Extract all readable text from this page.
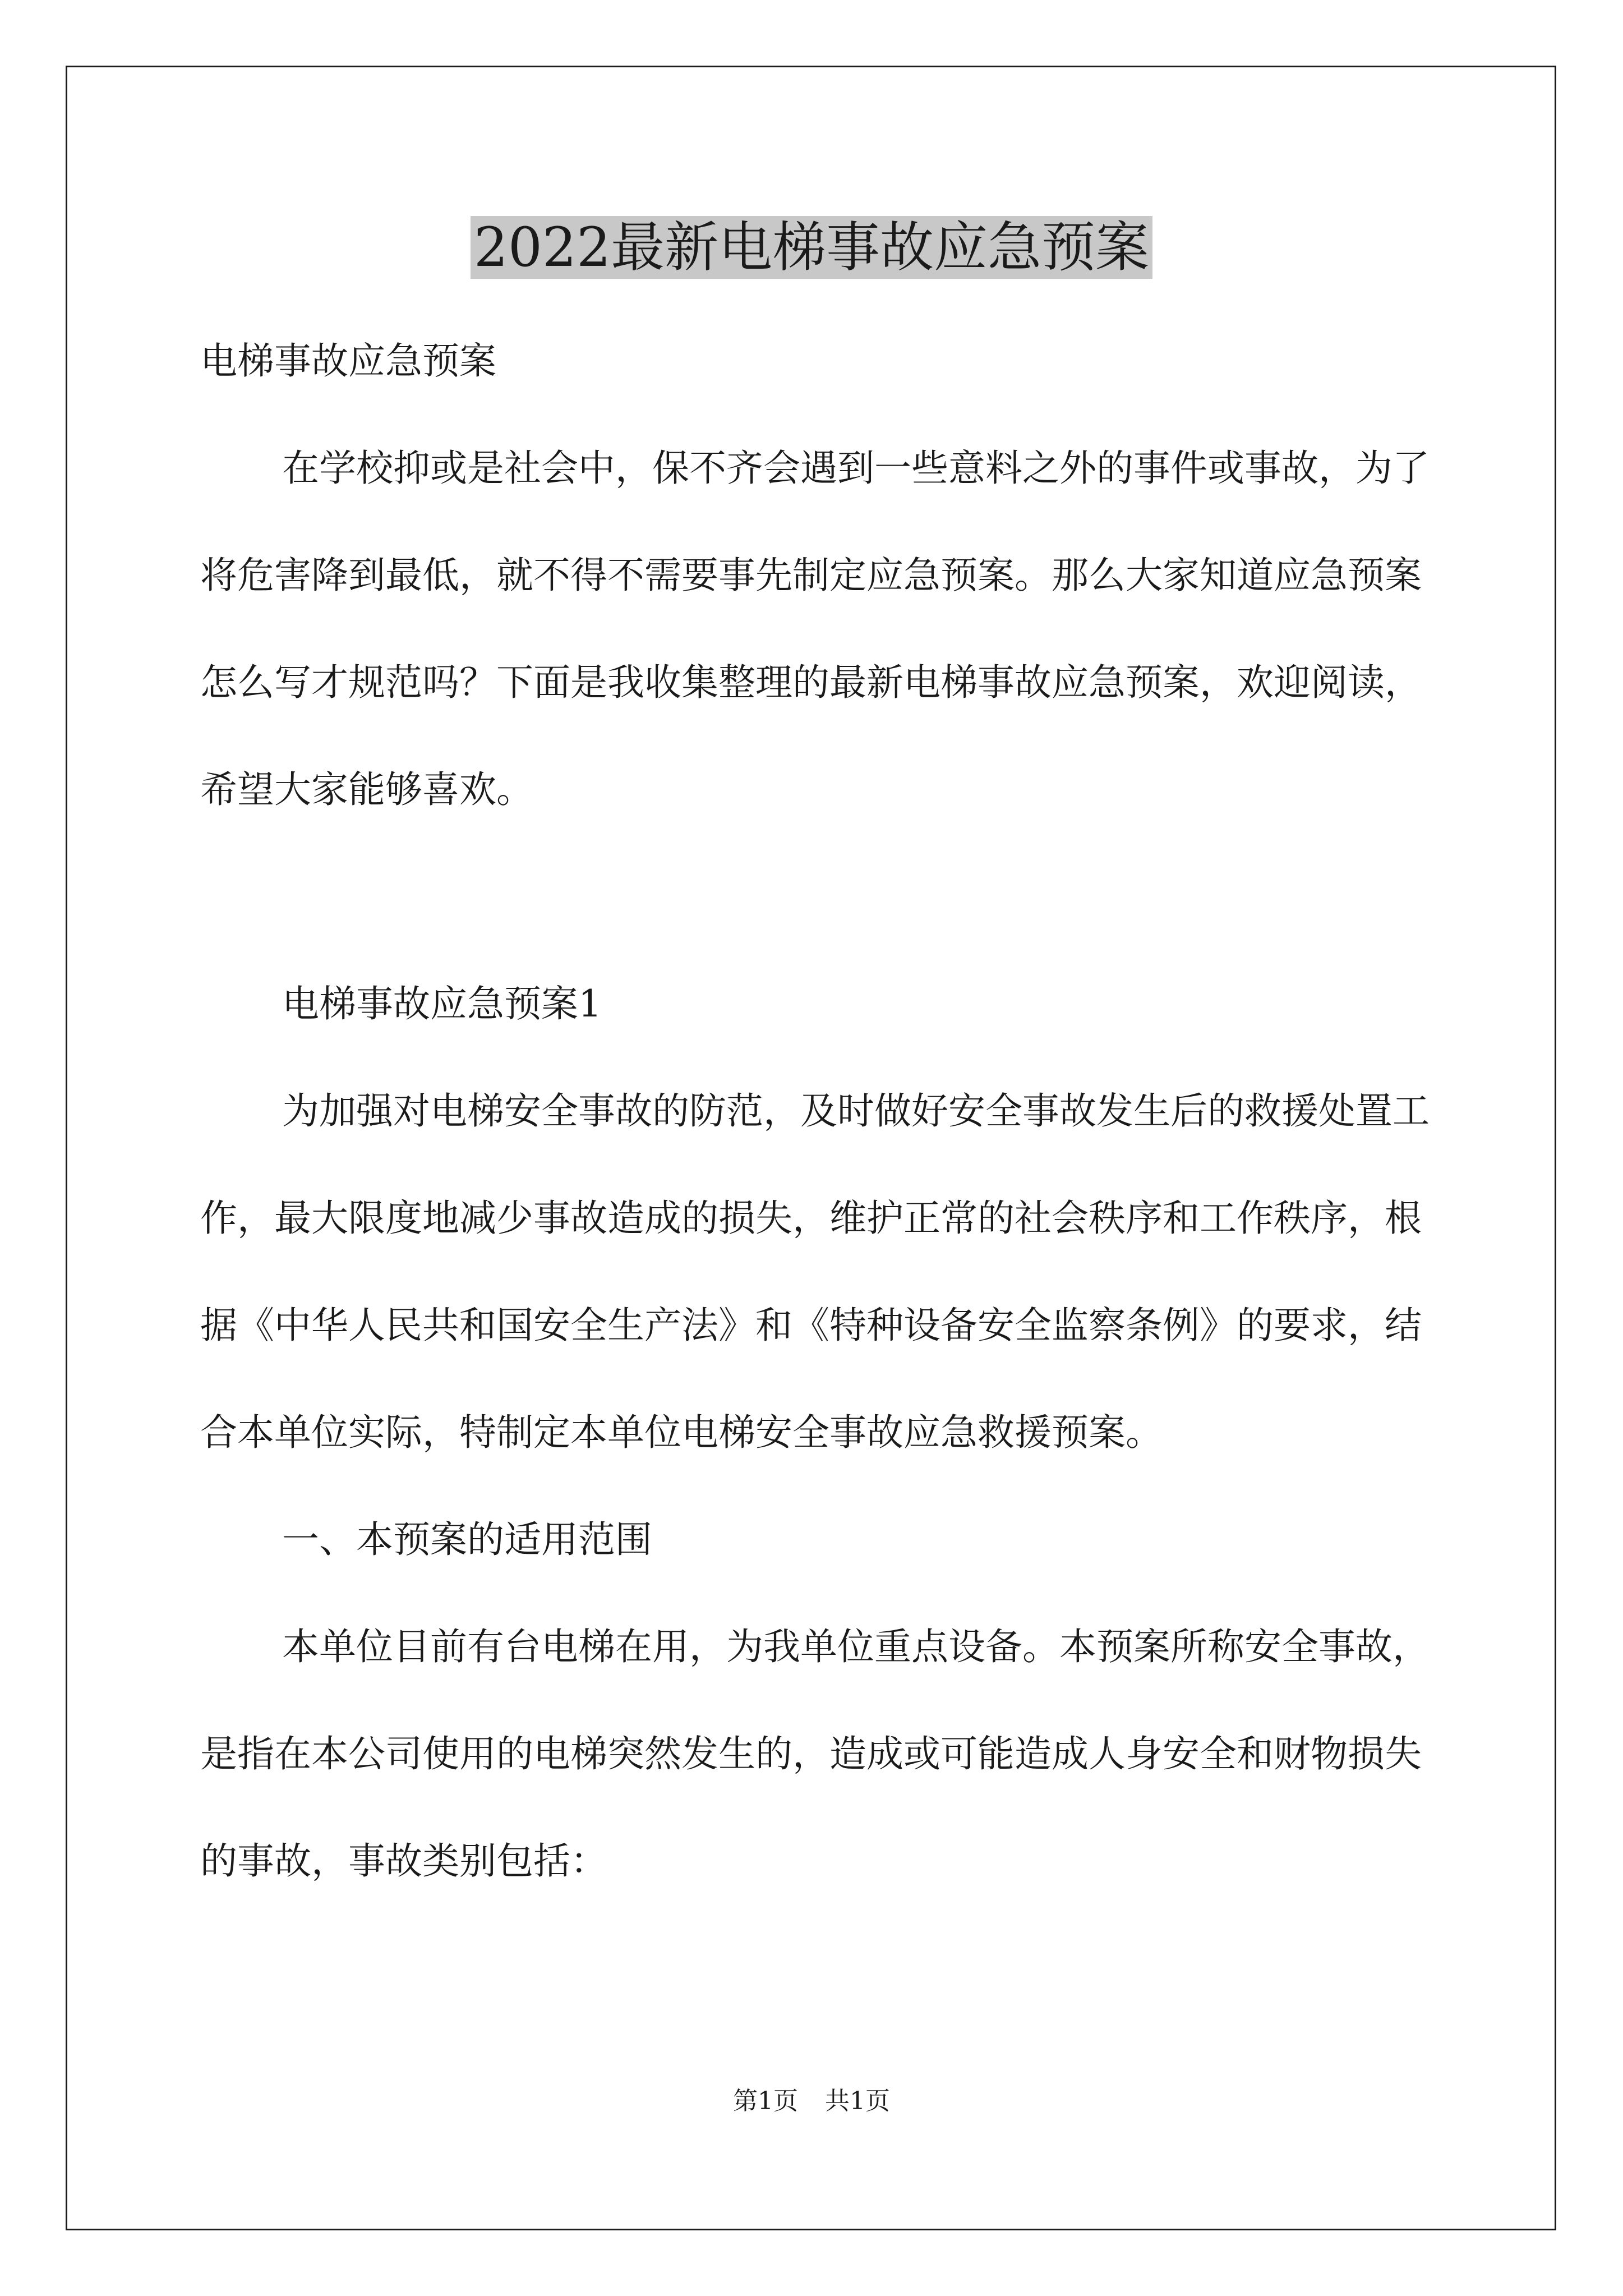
2022最新电梯事故应急预案

电梯事故应急预案

在学校抑或是社会中，保不齐会遇到一些意料之外的事件或事故，为了将危害降到最低，就不得不需要事先制定应急预案。那么大家知道应急预案怎么写才规范吗？下面是我收集整理的最新电梯事故应急预案，欢迎阅读，希望大家能够喜欢。

电梯事故应急预案1

为加强对电梯安全事故的防范，及时做好安全事故发生后的救援处置工作，最大限度地减少事故造成的损失，维护正常的社会秩序和工作秩序，根据《中华人民共和国安全生产法》和《特种设备安全监察条例》的要求，结合本单位实际，特制定本单位电梯安全事故应急救援预案。

一、本预案的适用范围

本单位目前有台电梯在用，为我单位重点设备。本预案所称安全事故，是指在本公司使用的电梯突然发生的，造成或可能造成人身安全和财物损失的事故，事故类别包括：

第1页 共1页
